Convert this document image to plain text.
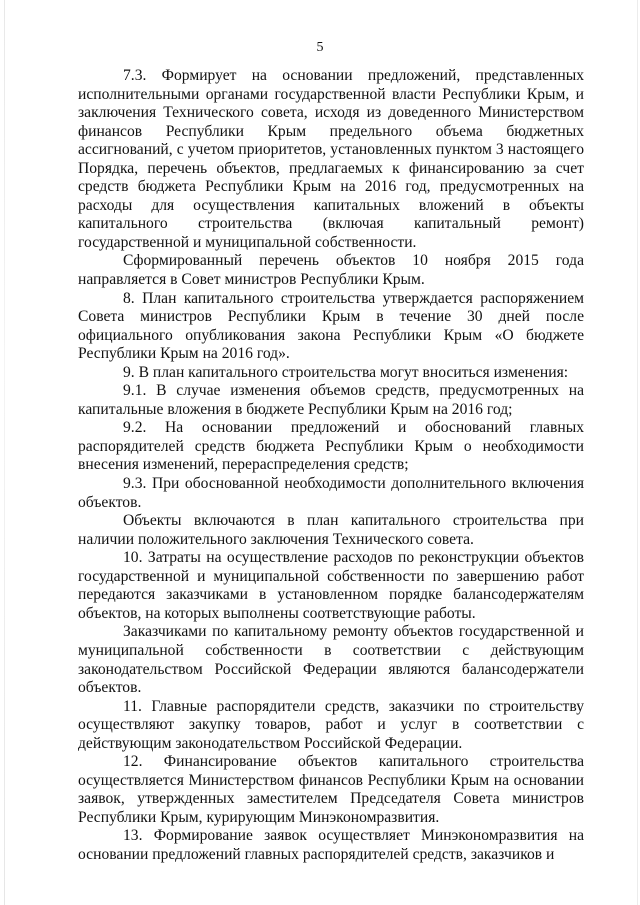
5

7.3. Формирует на основании предложений, представленных исполнительными органами государственной власти Республики Крым, и заключения Технического совета, исходя из доведенного Министерством финансов Республики Крым предельного объема бюджетных ассигнований, с учетом приоритетов, установленных пунктом 3 настоящего Порядка, перечень объектов, предлагаемых к финансированию за счет средств бюджета Республики Крым на 2016 год, предусмотренных на расходы для осуществления капитальных вложений в объекты капитального строительства (включая капитальный ремонт) государственной и муниципальной собственности.

Сформированный перечень объектов 10 ноября 2015 года направляется в Совет министров Республики Крым.

8. План капитального строительства утверждается распоряжением Совета министров Республики Крым в течение 30 дней после официального опубликования закона Республики Крым «О бюджете Республики Крым на 2016 год».

9. В план капитального строительства могут вноситься изменения:

9.1. В случае изменения объемов средств, предусмотренных на капитальные вложения в бюджете Республики Крым на 2016 год;

9.2. На основании предложений и обоснований главных распорядителей средств бюджета Республики Крым о необходимости внесения изменений, перераспределения средств;

9.3. При обоснованной необходимости дополнительного включения объектов.

Объекты включаются в план капитального строительства при наличии положительного заключения Технического совета.

10. Затраты на осуществление расходов по реконструкции объектов государственной и муниципальной собственности по завершению работ передаются заказчиками в установленном порядке балансодержателям объектов, на которых выполнены соответствующие работы.

Заказчиками по капитальному ремонту объектов государственной и муниципальной собственности в соответствии с действующим законодательством Российской Федерации являются балансодержатели объектов.

11. Главные распорядители средств, заказчики по строительству осуществляют закупку товаров, работ и услуг в соответствии с действующим законодательством Российской Федерации.

12. Финансирование объектов капитального строительства осуществляется Министерством финансов Республики Крым на основании заявок, утвержденных заместителем Председателя Совета министров Республики Крым, курирующим Минэкономразвития.

13. Формирование заявок осуществляет Минэкономразвития на основании предложений главных распорядителей средств, заказчиков и
